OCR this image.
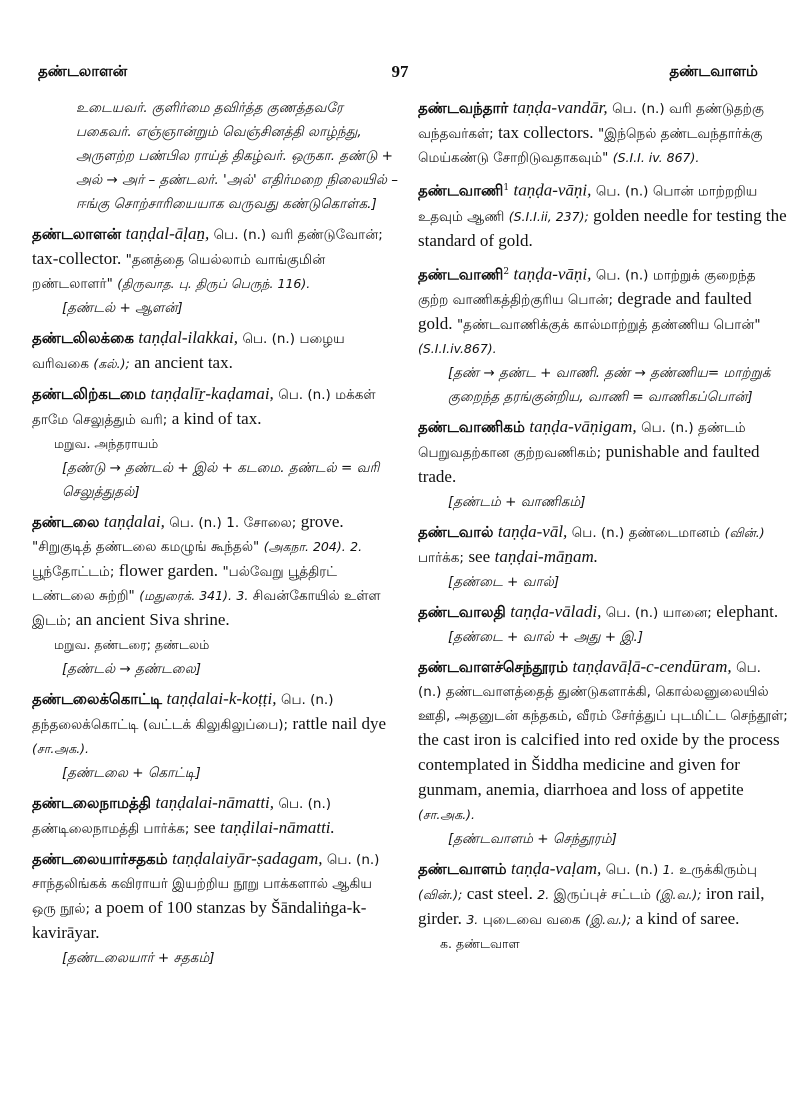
தண்டலாளன்	97	தண்டவாளம்

உடையவர். குளிர்மை தவிர்த்த குணத்தவரே பகைவர். எஞ்ஞான்றும் வெஞ்சினத்தி லாழ்ந்து, அருளற்ற பண்பில ராய்த் திகழ்வர். ஒருகா. தண்டு + அல் → அர் – தண்டலர். 'அல்' எதிர்மறை நிலையில் – ஈங்கு சொற்சாரியையாக வருவது கண்டுகொள்க.]

தண்டலாளன் taṇḍal-āḷaṉ, பெ. (n.) வரி தண்டுவோன்; tax-collector. "தனத்தை யெல்லாம் வாங்குமின் றண்டலாளர்" (திருவாத. பு. திருப் பெருந். 116).

[தண்டல் + ஆளன்]

தண்டலிலக்கை taṇḍal-ilakkai, பெ. (n.) பழைய வரிவகை (கல்.); an ancient tax.

தண்டலிற்கடமை taṇḍalīṟ-kaḍamai, பெ. (n.) மக்கள் தாமே செலுத்தும் வரி; a kind of tax.

மறுவ. அந்தராயம்

[தண்டு → தண்டல் + இல் + கடமை. தண்டல் = வரி செலுத்துதல்]

தண்டலை taṇḍalai, பெ. (n.) 1. சோலை; grove. "சிறுகுடித் தண்டலை கமழுங் கூந்தல்" (அகநா. 204). 2. பூந்தோட்டம்; flower garden. "பல்வேறு பூத்திரட் டண்டலை சுற்றி" (மதுரைக். 341). 3. சிவன்கோயில் உள்ள இடம்; an ancient Siva shrine.

மறுவ. தண்டரை; தண்டலம்

[தண்டல் → தண்டலை]

தண்டலைக்கொட்டி taṇḍalai-k-koṭṭi, பெ. (n.) தந்தலைக்கொட்டி (வட்டக் கிலுகிலுப்பை); rattle nail dye (சா.அக.).

[தண்டலை + கொட்டி]

தண்டலைநாமத்தி taṇḍalai-nāmatti, பெ. (n.) தண்டிலைநாமத்தி பார்க்க; see taṇḍilai-nāmatti.

தண்டலையார்சதகம் taṇḍalaiyār-ṣadagam, பெ. (n.) சாந்தலிங்கக் கவிராயர் இயற்றிய நூறு பாக்களால் ஆகிய ஒரு நூல்; a poem of 100 stanzas by Šāndaliṅga-k-kavirāyar.

[தண்டலையார் + சதகம்]

தண்டவந்தார் taṇḍa-vandār, பெ. (n.) வரி தண்டுதற்கு வந்தவர்கள்; tax collectors. "இந்நெல் தண்டவந்தார்க்கு மெய்கண்டு சோறிடுவதாகவும்" (S.I.I. iv. 867).

தண்டவாணி$^1$ taṇḍa-vāṇi, பெ. (n.) பொன் மாற்றறிய உதவும் ஆணி (S.I.I.ii, 237); golden needle for testing the standard of gold.

தண்டவாணி$^2$ taṇḍa-vāṇi, பெ. (n.) மாற்றுக் குறைந்த குற்ற வாணிகத்திற்குரிய பொன்; degrade and faulted gold. "தண்டவாணிக்குக் கால்மாற்றுத் தண்ணிய பொன்" (S.I.I.iv.867).

[தண் → தண்ட + வாணி. தண் → தண்ணிய= மாற்றுக் குறைந்த தரங்குன்றிய, வாணி = வாணிகப்பொன்]

தண்டவாணிகம் taṇḍa-vāṇigam, பெ. (n.) தண்டம் பெறுவதற்கான குற்றவணிகம்; punishable and faulted trade.

[தண்டம் + வாணிகம்]

தண்டவால் taṇḍa-vāl, பெ. (n.) தண்டைமானம் (வின்.) பார்க்க; see taṇḍai-māṉam.

[தண்டை + வால்]

தண்டவாலதி taṇḍa-vāladi, பெ. (n.) யானை; elephant.

[தண்டை + வால் + அது + இ.]

தண்டவாளச்செந்தூரம் taṇḍavāḷā-c-cendūram, பெ. (n.) தண்டவாளத்தைத் துண்டுகளாக்கி, கொல்லனுலையில் ஊதி, அதனுடன் கந்தகம், வீரம் சேர்த்துப் புடமிட்ட செந்தூள்; the cast iron is calcified into red oxide by the process contemplated in Šiddha medicine and given for gunmam, anemia, diarrhoea and loss of appetite (சா.அக.).

[தண்டவாளம் + செந்தூரம்]

தண்டவாளம் taṇḍa-vaḷam, பெ. (n.) 1. உருக்கிரும்பு (வின்.); cast steel. 2. இருப்புச் சட்டம் (இ.வ.); iron rail, girder. 3. புடைவை வகை (இ.வ.); a kind of saree.

க. தண்டவாள
